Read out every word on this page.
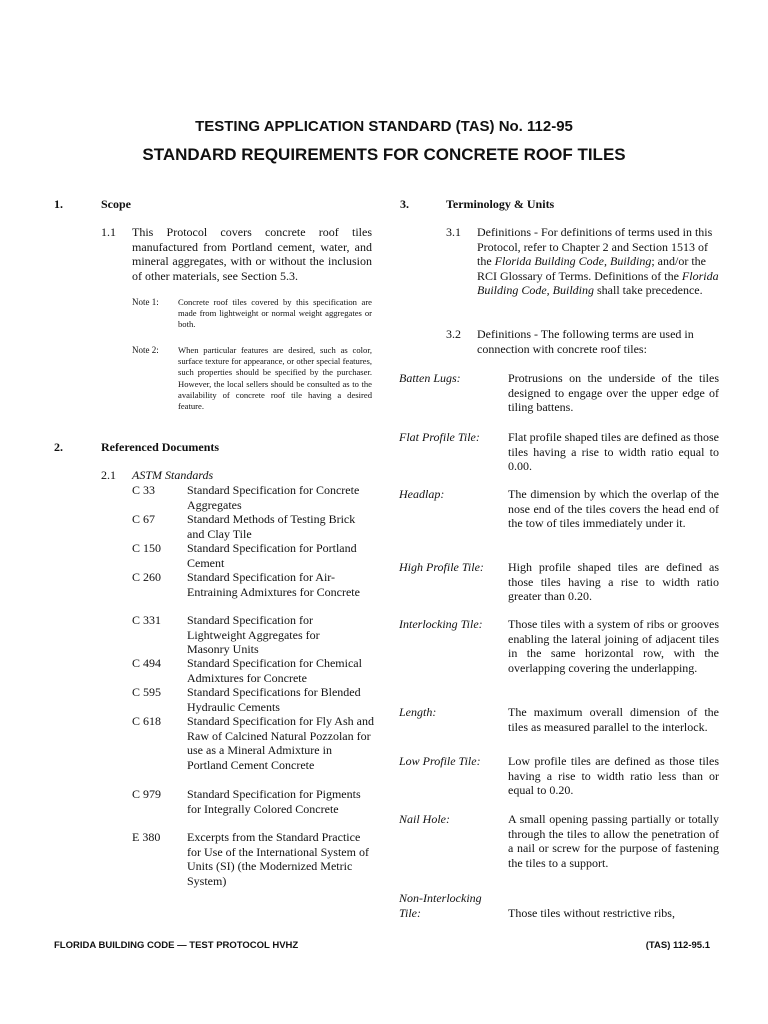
TESTING APPLICATION STANDARD (TAS) No. 112-95
STANDARD REQUIREMENTS FOR CONCRETE ROOF TILES
1.	Scope
1.1 This Protocol covers concrete roof tiles manufactured from Portland cement, water, and mineral aggregates, with or without the inclusion of other materials, see Section 5.3.
Note 1: Concrete roof tiles covered by this specification are made from lightweight or normal weight aggregates or both.
Note 2: When particular features are desired, such as color, surface texture for appearance, or other special features, such properties should be specified by the purchaser. However, the local sellers should be consulted as to the availability of concrete roof tile having a desired feature.
2.	Referenced Documents
2.1 ASTM Standards
C 33	Standard Specification for Concrete Aggregates
C 67	Standard Methods of Testing Brick and Clay Tile
C 150 Standard Specification for Portland Cement
C 260 Standard Specification for Air-Entraining Admixtures for Concrete
C 331 Standard Specification for Lightweight Aggregates for Masonry Units
C 494 Standard Specification for Chemical Admixtures for Concrete
C 595 Standard Specifications for Blended Hydraulic Cements
C 618 Standard Specification for Fly Ash and Raw of Calcined Natural Pozzolan for use as a Mineral Admixture in Portland Cement Concrete
C 979 Standard Specification for Pigments for Integrally Colored Concrete
E 380 Excerpts from the Standard Practice for Use of the International System of Units (SI) (the Modernized Metric System)
3.	Terminology & Units
3.1 Definitions - For definitions of terms used in this Protocol, refer to Chapter 2 and Section 1513 of the Florida Building Code, Building; and/or the RCI Glossary of Terms. Definitions of the Florida Building Code, Building shall take precedence.
3.2 Definitions - The following terms are used in connection with concrete roof tiles:
Batten Lugs:	Protrusions on the underside of the tiles designed to engage over the upper edge of tiling battens.
Flat Profile Tile:	Flat profile shaped tiles are defined as those tiles having a rise to width ratio equal to 0.00.
Headlap:	The dimension by which the overlap of the nose end of the tiles covers the head end of the tow of tiles immediately under it.
High Profile Tile:	High profile shaped tiles are defined as those tiles having a rise to width ratio greater than 0.20.
Interlocking Tile:	Those tiles with a system of ribs or grooves enabling the lateral joining of adjacent tiles in the same horizontal row, with the overlapping covering the underlapping.
Length:	The maximum overall dimension of the tiles as measured parallel to the interlock.
Low Profile Tile:	Low profile tiles are defined as those tiles having a rise to width ratio less than or equal to 0.20.
Nail Hole:	A small opening passing partially or totally through the tiles to allow the penetration of a nail or screw for the purpose of fastening the tiles to a support.
Non-Interlocking Tile:	Those tiles without restrictive ribs,
FLORIDA BUILDING CODE — TEST PROTOCOL HVHZ	(TAS) 112-95.1
